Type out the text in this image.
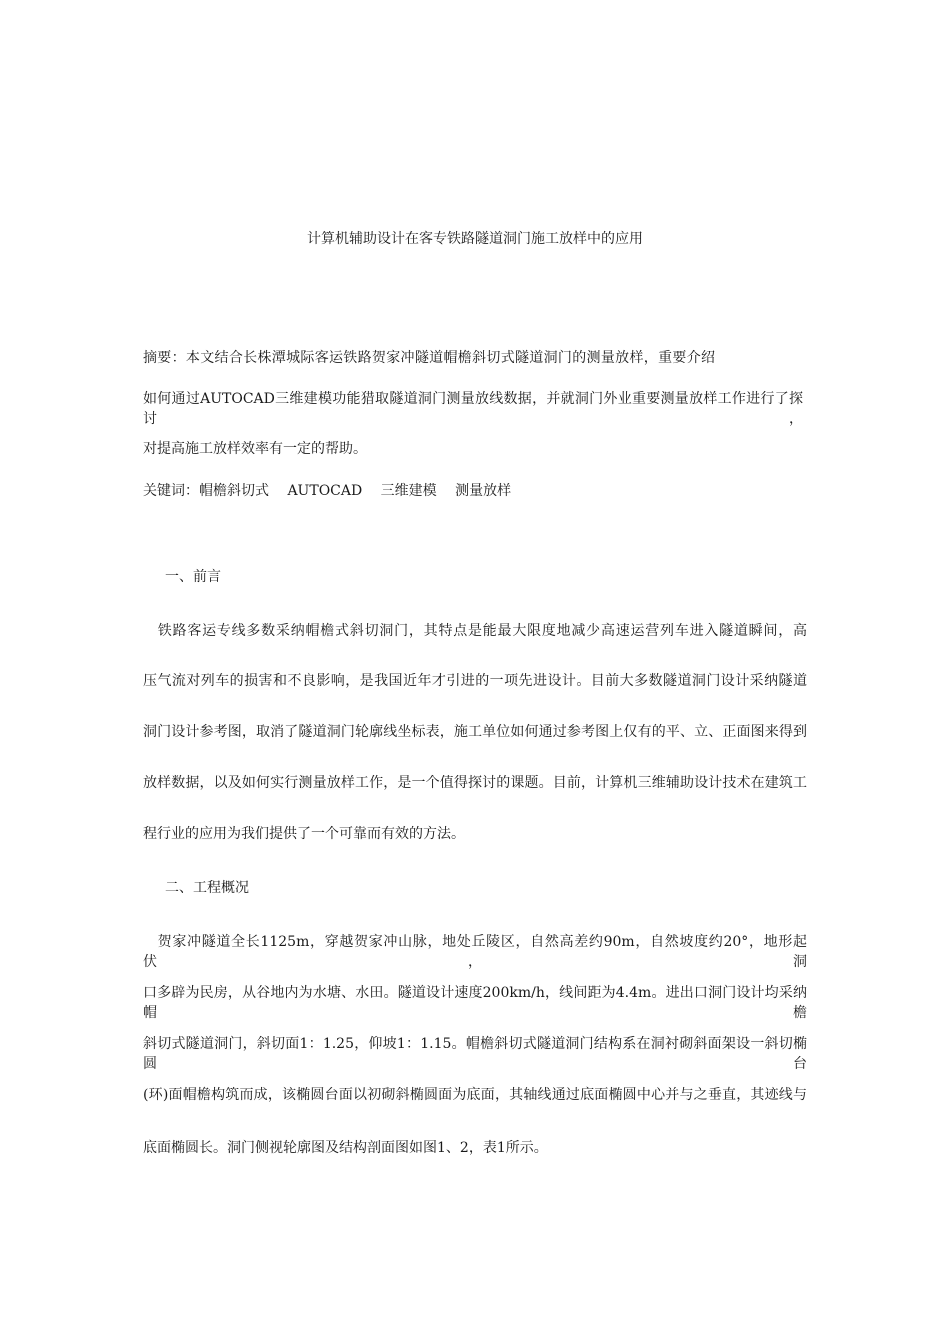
计算机辅助设计在客专铁路隧道洞门施工放样中的应用
摘要：本文结合长株潭城际客运铁路贺家冲隧道帽檐斜切式隧道洞门的测量放样，重要介绍
如何通过AUTOCAD三维建模功能猎取隧道洞门测量放线数据，并就洞门外业重要测量放样工作进行了探讨，
对提高施工放样效率有一定的帮助。
关键词：帽檐斜切式　 AUTOCAD　 三维建模　 测量放样
一、前言
　铁路客运专线多数采纳帽檐式斜切洞门，其特点是能最大限度地减少高速运营列车进入隧道瞬间，高
压气流对列车的损害和不良影响，是我国近年才引进的一项先进设计。目前大多数隧道洞门设计采纳隧道
洞门设计参考图，取消了隧道洞门轮廓线坐标表，施工单位如何通过参考图上仅有的平、立、正面图来得到
放样数据，以及如何实行测量放样工作，是一个值得探讨的课题。目前，计算机三维辅助设计技术在建筑工
程行业的应用为我们提供了一个可靠而有效的方法。
二、工程概况
　贺家冲隧道全长1125m，穿越贺家冲山脉，地处丘陵区，自然高差约90m，自然坡度约20°，地形起伏，洞
口多辟为民房，从谷地内为水塘、水田。隧道设计速度200km/h，线间距为4.4m。进出口洞门设计均采纳帽檐
斜切式隧道洞门，斜切面1：1.25，仰坡1：1.15。帽檐斜切式隧道洞门结构系在洞衬砌斜面架设一斜切椭圆台
(环)面帽檐构筑而成，该椭圆台面以初砌斜椭圆面为底面，其轴线通过底面椭圆中心并与之垂直，其迹线与
底面椭圆长。洞门侧视轮廓图及结构剖面图如图1、2，表1所示。
